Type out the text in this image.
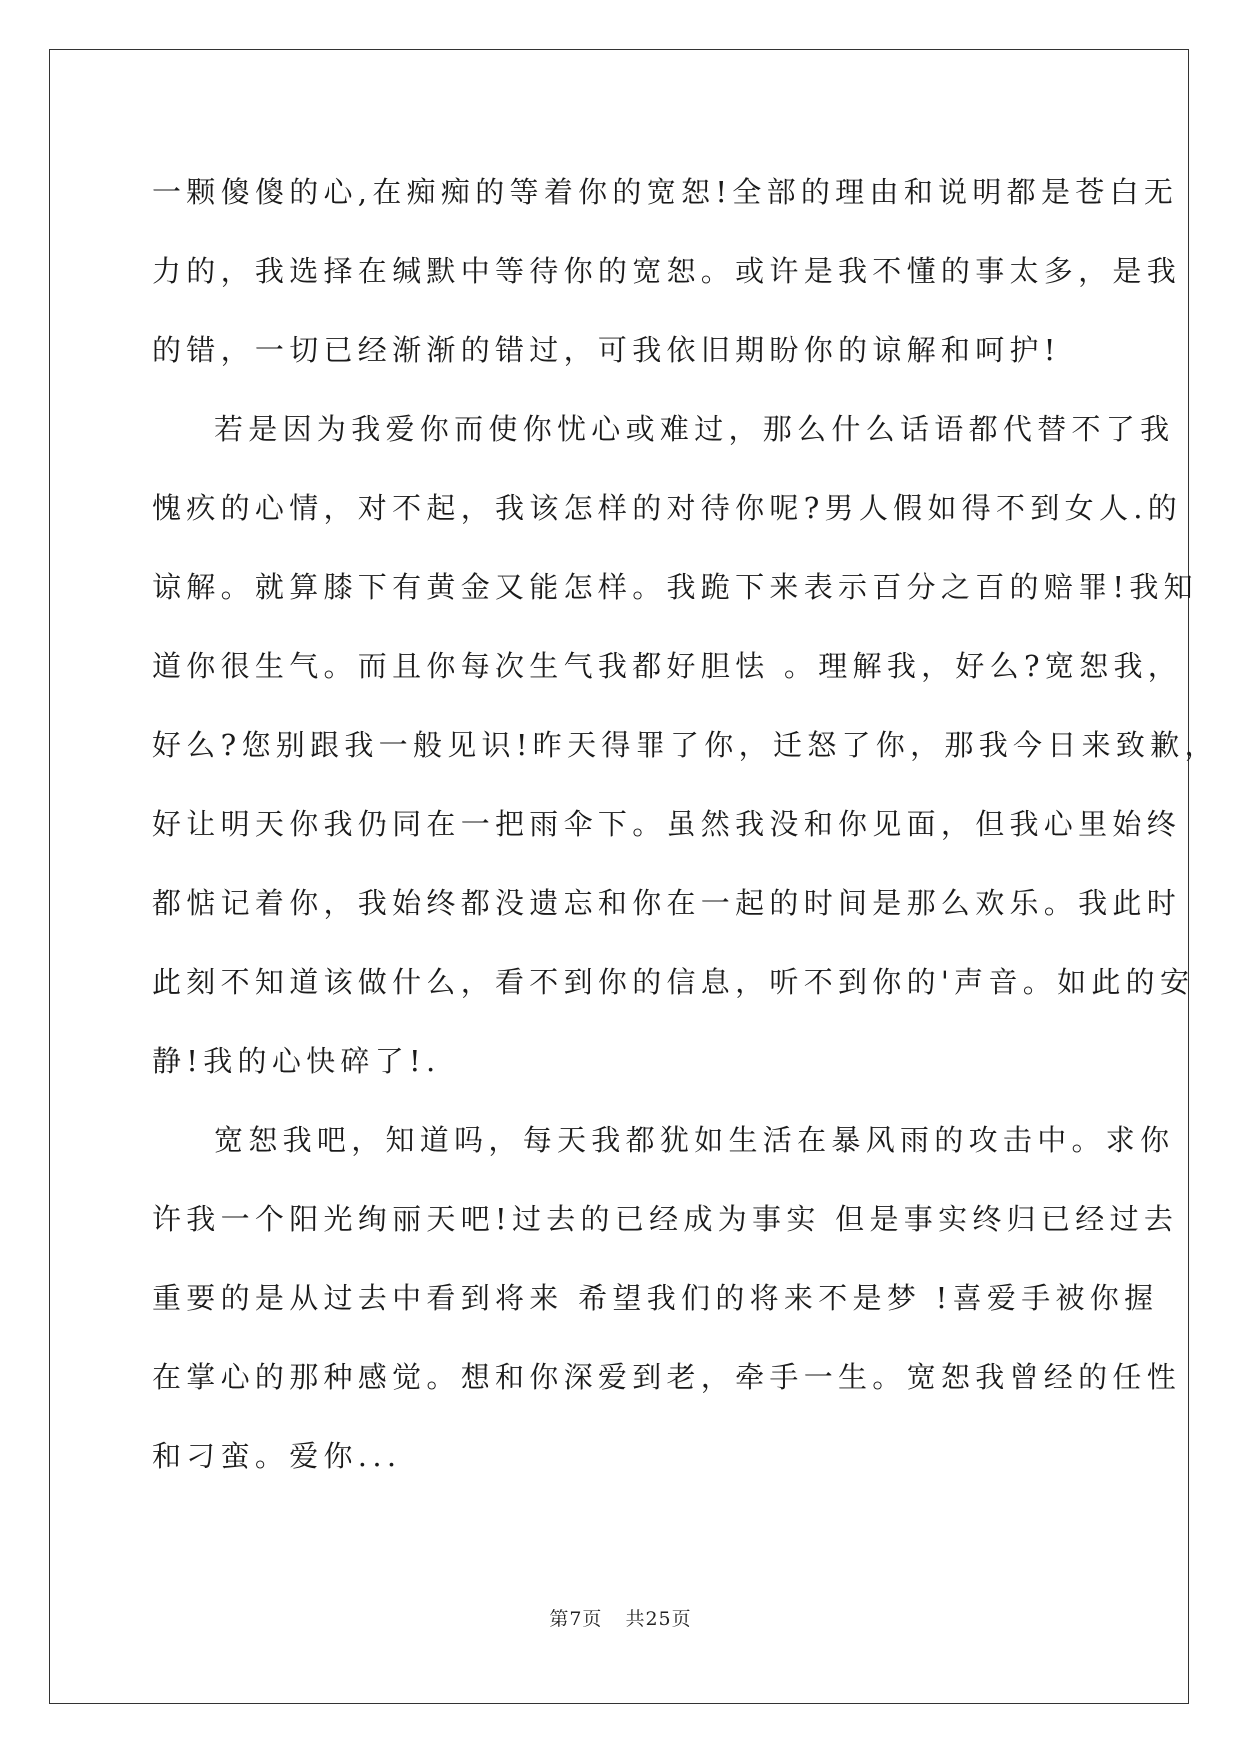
一颗傻傻的心,在痴痴的等着你的宽恕!全部的理由和说明都是苍白无
力的，我选择在缄默中等待你的宽恕。或许是我不懂的事太多，是我
的错，一切已经渐渐的错过，可我依旧期盼你的谅解和呵护!
若是因为我爱你而使你忧心或难过，那么什么话语都代替不了我
愧疚的心情，对不起，我该怎样的对待你呢?男人假如得不到女人.的
谅解。就算膝下有黄金又能怎样。我跪下来表示百分之百的赔罪!我知
道你很生气。而且你每次生气我都好胆怯 。理解我，好么?宽恕我，
好么?您别跟我一般见识!昨天得罪了你，迁怒了你，那我今日来致歉，
好让明天你我仍同在一把雨伞下。虽然我没和你见面，但我心里始终
都惦记着你，我始终都没遗忘和你在一起的时间是那么欢乐。我此时
此刻不知道该做什么，看不到你的信息，听不到你的'声音。如此的安
静!我的心快碎了!.
宽恕我吧，知道吗，每天我都犹如生活在暴风雨的攻击中。求你
许我一个阳光绚丽天吧!过去的已经成为事实 但是事实终归已经过去
重要的是从过去中看到将来 希望我们的将来不是梦 !喜爱手被你握
在掌心的那种感觉。想和你深爱到老，牵手一生。宽恕我曾经的任性
和刁蛮。爱你...
第7页 共25页
